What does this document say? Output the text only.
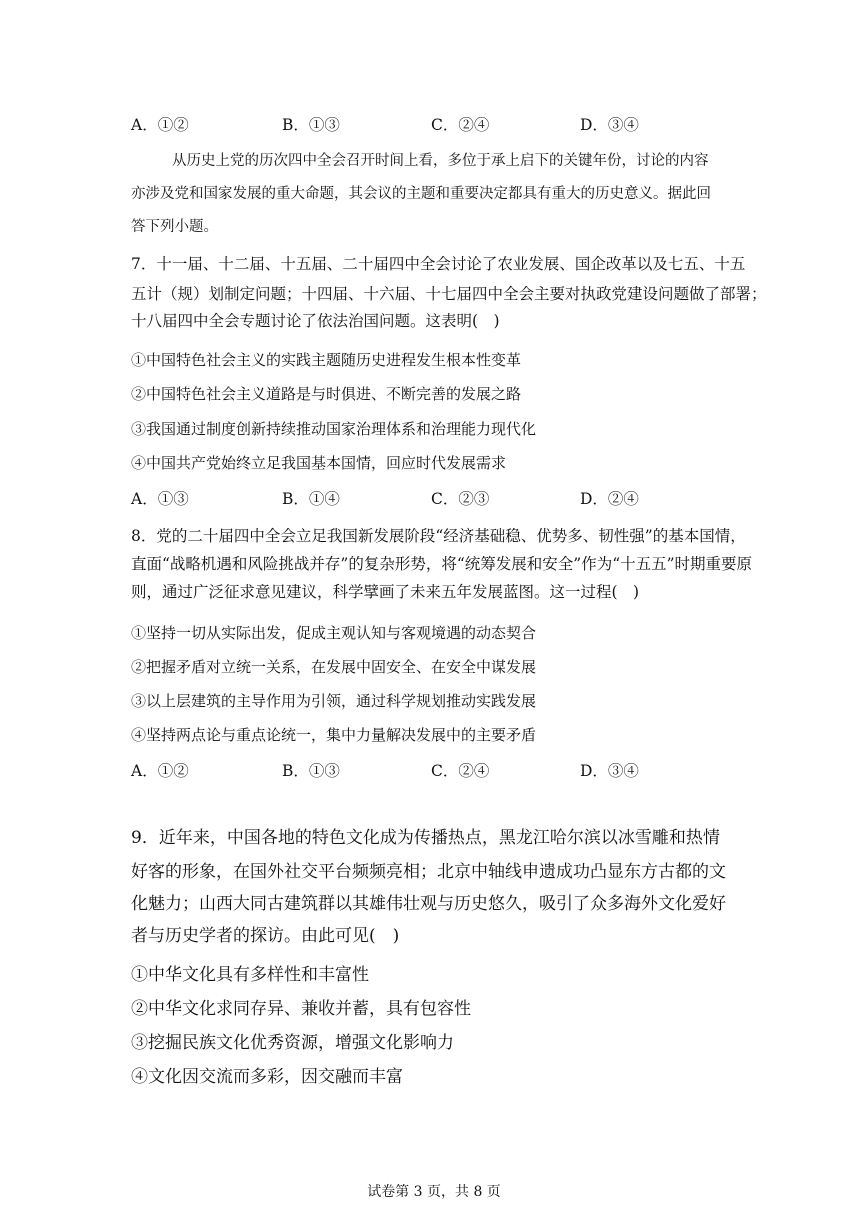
A．①②	B．①③	C．②④	D．③④
从历史上党的历次四中全会召开时间上看，多位于承上启下的关键年份，讨论的内容
亦涉及党和国家发展的重大命题，其会议的主题和重要决定都具有重大的历史意义。据此回
答下列小题。
7．十一届、十二届、十五届、二十届四中全会讨论了农业发展、国企改革以及七五、十五
五计（规）划制定问题；十四届、十六届、十七届四中全会主要对执政党建设问题做了部署；
十八届四中全会专题讨论了依法治国问题。这表明(　)
①中国特色社会主义的实践主题随历史进程发生根本性变革
②中国特色社会主义道路是与时俱进、不断完善的发展之路
③我国通过制度创新持续推动国家治理体系和治理能力现代化
④中国共产党始终立足我国基本国情，回应时代发展需求
A．①③	B．①④	C．②③	D．②④
8．党的二十届四中全会立足我国新发展阶段“经济基础稳、优势多、韧性强”的基本国情，
直面“战略机遇和风险挑战并存”的复杂形势，将“统筹发展和安全”作为“十五五”时期重要原
则，通过广泛征求意见建议，科学擘画了未来五年发展蓝图。这一过程(　)
①坚持一切从实际出发，促成主观认知与客观境遇的动态契合
②把握矛盾对立统一关系，在发展中固安全、在安全中谋发展
③以上层建筑的主导作用为引领，通过科学规划推动实践发展
④坚持两点论与重点论统一，集中力量解决发展中的主要矛盾
A．①②	B．①③	C．②④	D．③④
9．近年来，中国各地的特色文化成为传播热点，黑龙江哈尔滨以冰雪雕和热情
好客的形象，在国外社交平台频频亮相；北京中轴线申遗成功凸显东方古都的文
化魅力；山西大同古建筑群以其雄伟壮观与历史悠久，吸引了众多海外文化爱好
者与历史学者的探访。由此可见(　)
①中华文化具有多样性和丰富性
②中华文化求同存异、兼收并蓄，具有包容性
③挖掘民族文化优秀资源，增强文化影响力
④文化因交流而多彩，因交融而丰富
试卷第 3 页，共 8 页
